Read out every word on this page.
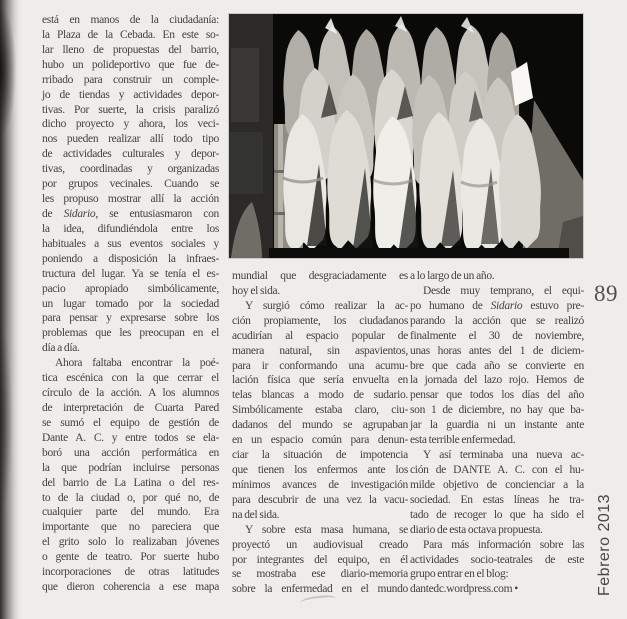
está en manos de la ciudadanía:
la Plaza de la Cebada. En este so-
lar lleno de propuestas del barrio,
hubo un polideportivo que fue de-
rribado para construir un comple-
jo de tiendas y actividades depor-
tivas. Por suerte, la crisis paralizó
dicho proyecto y ahora, los veci-
nos pueden realizar allí todo tipo
de actividades culturales y depor-
tivas, coordinadas y organizadas
por grupos vecinales. Cuando se
les propuso mostrar allí la acción
de Sidario, se entusiasmaron con
la idea, difundiéndola entre los
habituales a sus eventos sociales y
poniendo a disposición la infraes-
tructura del lugar. Ya se tenía el es-
pacio apropiado simbólicamente,
un lugar tomado por la sociedad
para pensar y expresarse sobre los
problemas que les preocupan en el
día a día.
Ahora faltaba encontrar la poé-
tica escénica con la que cerrar el
círculo de la acción. A los alumnos
de interpretación de Cuarta Pared
se sumó el equipo de gestión de
Dante A. C. y entre todos se ela-
boró una acción performática en
la que podrían incluirse personas
del barrio de La Latina o del res-
to de la ciudad o, por qué no, de
cualquier parte del mundo. Era
importante que no pareciera que
el grito solo lo realizaban jóvenes
o gente de teatro. Por suerte hubo
incorporaciones de otras latitudes
que dieron coherencia a ese mapa
mundial que desgraciadamente es
hoy el sida.
Y surgió cómo realizar la ac-
ción propiamente, los ciudadanos
acudirían al espacio popular de
manera natural, sin aspavientos,
para ir conformando una acumu-
lación física que sería envuelta en
telas blancas a modo de sudario.
Simbólicamente estaba claro, ciu-
dadanos del mundo se agrupaban
en un espacio común para denun-
ciar la situación de impotencia
que tienen los enfermos ante los
mínimos avances de investigación
para descubrir de una vez la vacu-
na del sida.
Y sobre esta masa humana, se
proyectó un audiovisual creado
por integrantes del equipo, en él
se mostraba ese diario-memoria
sobre la enfermedad en el mundo
a lo largo de un año.
Desde muy temprano, el equi-
po humano de Sidario estuvo pre-
parando la acción que se realizó
finalmente el 30 de noviembre,
unas horas antes del 1 de diciem-
bre que cada año se convierte en
la jornada del lazo rojo. Hemos de
pensar que todos los días del año
son 1 de diciembre, no hay que ba-
jar la guardia ni un instante ante
esta terrible enfermedad.
Y así terminaba una nueva ac-
ción de DANTE A. C. con el hu-
milde objetivo de concienciar a la
sociedad. En estas líneas he tra-
tado de recoger lo que ha sido el
diario de esta octava propuesta.
Para más información sobre las
actividades socio-teatrales de este
grupo entrar en el blog:
dantedc.wordpress.com •
89
Febrero 2013
